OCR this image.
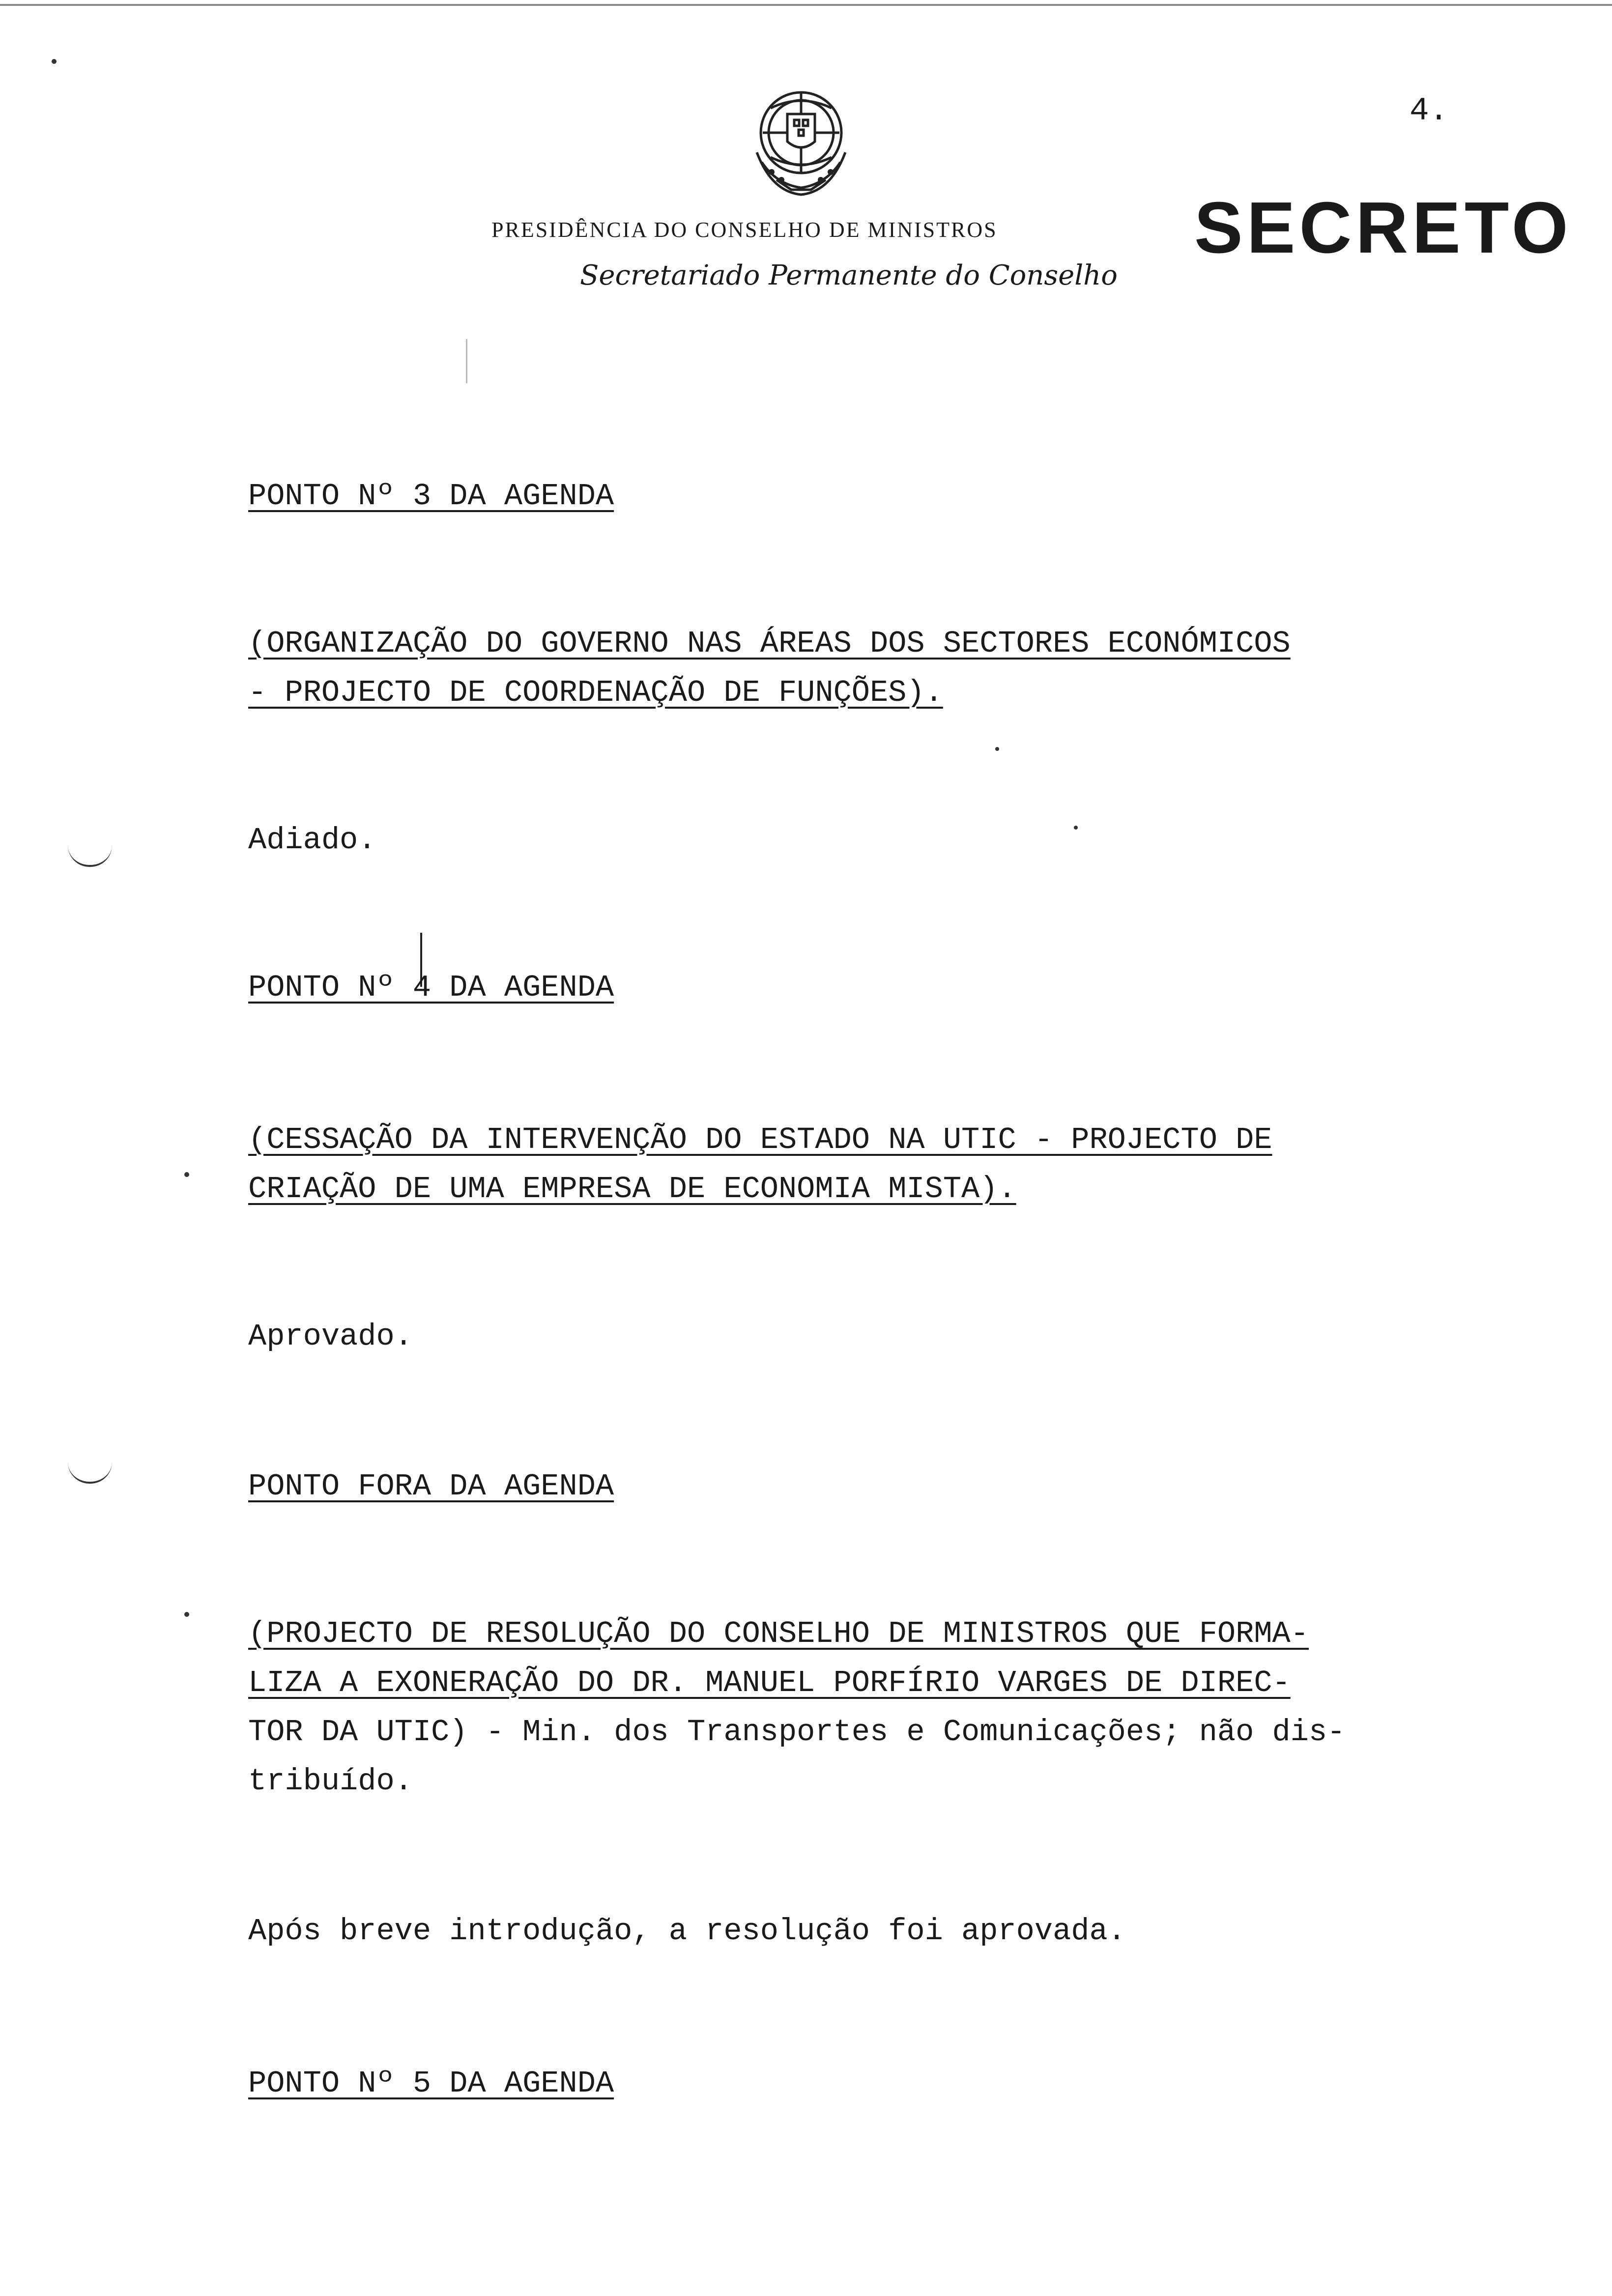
4.
PRESIDÊNCIA DO CONSELHO DE MINISTROS	SECRETO
Secretariado Permanente do Conselho
PONTO Nº 3 DA AGENDA
(ORGANIZAÇÃO DO GOVERNO NAS ÁREAS DOS SECTORES ECONÓMICOS
- PROJECTO DE COORDENAÇÃO DE FUNÇÕES).
Adiado.
PONTO Nº 4 DA AGENDA
(CESSAÇÃO DA INTERVENÇÃO DO ESTADO NA UTIC - PROJECTO DE
CRIAÇÃO DE UMA EMPRESA DE ECONOMIA MISTA).
Aprovado.
PONTO FORA DA AGENDA
(PROJECTO DE RESOLUÇÃO DO CONSELHO DE MINISTROS QUE FORMA-
LIZA A EXONERAÇÃO DO DR. MANUEL PORFÍRIO VARGES DE DIREC-
TOR DA UTIC) - Min. dos Transportes e Comunicações; não dis-
tribuído.
Após breve introdução, a resolução foi aprovada.
PONTO Nº 5 DA AGENDA
